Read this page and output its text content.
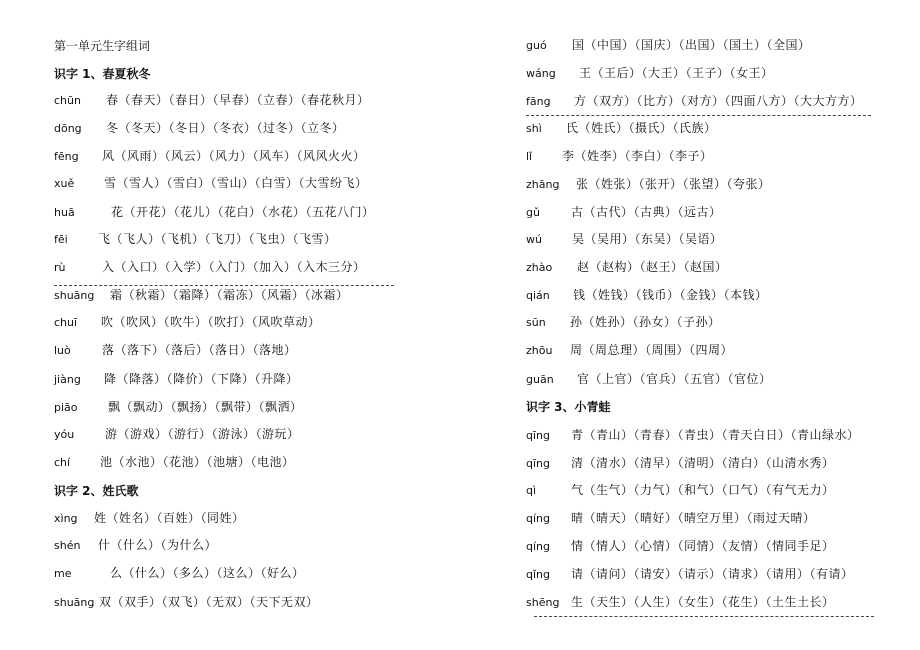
第一单元生字组词
识字 1、春夏秋冬
chūn 春（春天）（春日）（早春）（立春）（春花秋月）
dōng 冬（冬天）（冬日）（冬衣）（过冬）（立冬）
fēng 风（风雨）（风云）（风力）（风车）（风风火火）
xuě 雪（雪人）（雪白）（雪山）（白雪）（大雪纷飞）
huā	花（开花）（花儿）（花白）（水花）（五花八门）
fēi	飞（飞人）（飞机）（飞刀）（飞虫）（飞雪）
rù	入（入口）（入学）（入门）（加入）（入木三分）
shuāng 霜（秋霜）（霜降）（霜冻）（风霜）（冰霜）
chuī 吹（吹风）（吹牛）（吹打）（风吹草动）
luò	落（落下）（落后）（落日）（落地）
jiàng 降（降落）（降价）（下降）（升降）
piāo	飘（飘动）（飘扬）（飘带）（飘洒）
yóu	游（游戏）（游行）（游泳）（游玩）
chí 池（水池）（花池）（池塘）（电池）
识字 2、姓氏歌
xìng 姓（姓名）（百姓）（同姓）
shén 什（什么）（为什么）
me	么（什么）（多么）（这么）（好么）
shuāng 双（双手）（双飞）（无双）（天下无双）
guó 国（中国）（国庆）（出国）（国土）（全国）
wáng 王（王后）（大王）（王子）（女王）
fāng 方（双方）（比方）（对方）（四面八方）（大大方方）
shì 氏（姓氏）（摄氏）（氏族）
lǐ 李（姓李）（李白）（李子）
zhāng 张（姓张）（张开）（张望）（夸张）
gǔ	古（古代）（古典）（远古）
wú	吴（吴用）（东吴）（吴语）
zhào 赵（赵构）（赵王）（赵国）
qián 钱（姓钱）（钱币）（金钱）（本钱）
sūn 孙（姓孙）（孙女）（子孙）
zhōu 周（周总理）（周围）（四周）
guān 官（上官）（官兵）（五官）（官位）
识字 3、小青蛙
qīng 青（青山）（青春）（青虫）（青天白日）（青山绿水）
qīng 清（清水）（清早）（清明）（清白）（山清水秀）
qì	气（生气）（力气）（和气）（口气）（有气无力）
qíng 晴（晴天）（晴好）（晴空万里）（雨过天晴）
qíng 情（情人）（心情）（同情）（友情）（情同手足）
qǐng 请（请问）（请安）（请示）（请求）（请用）（有请）
shēng 生（天生）（人生）（女生）（花生）（土生土长）
